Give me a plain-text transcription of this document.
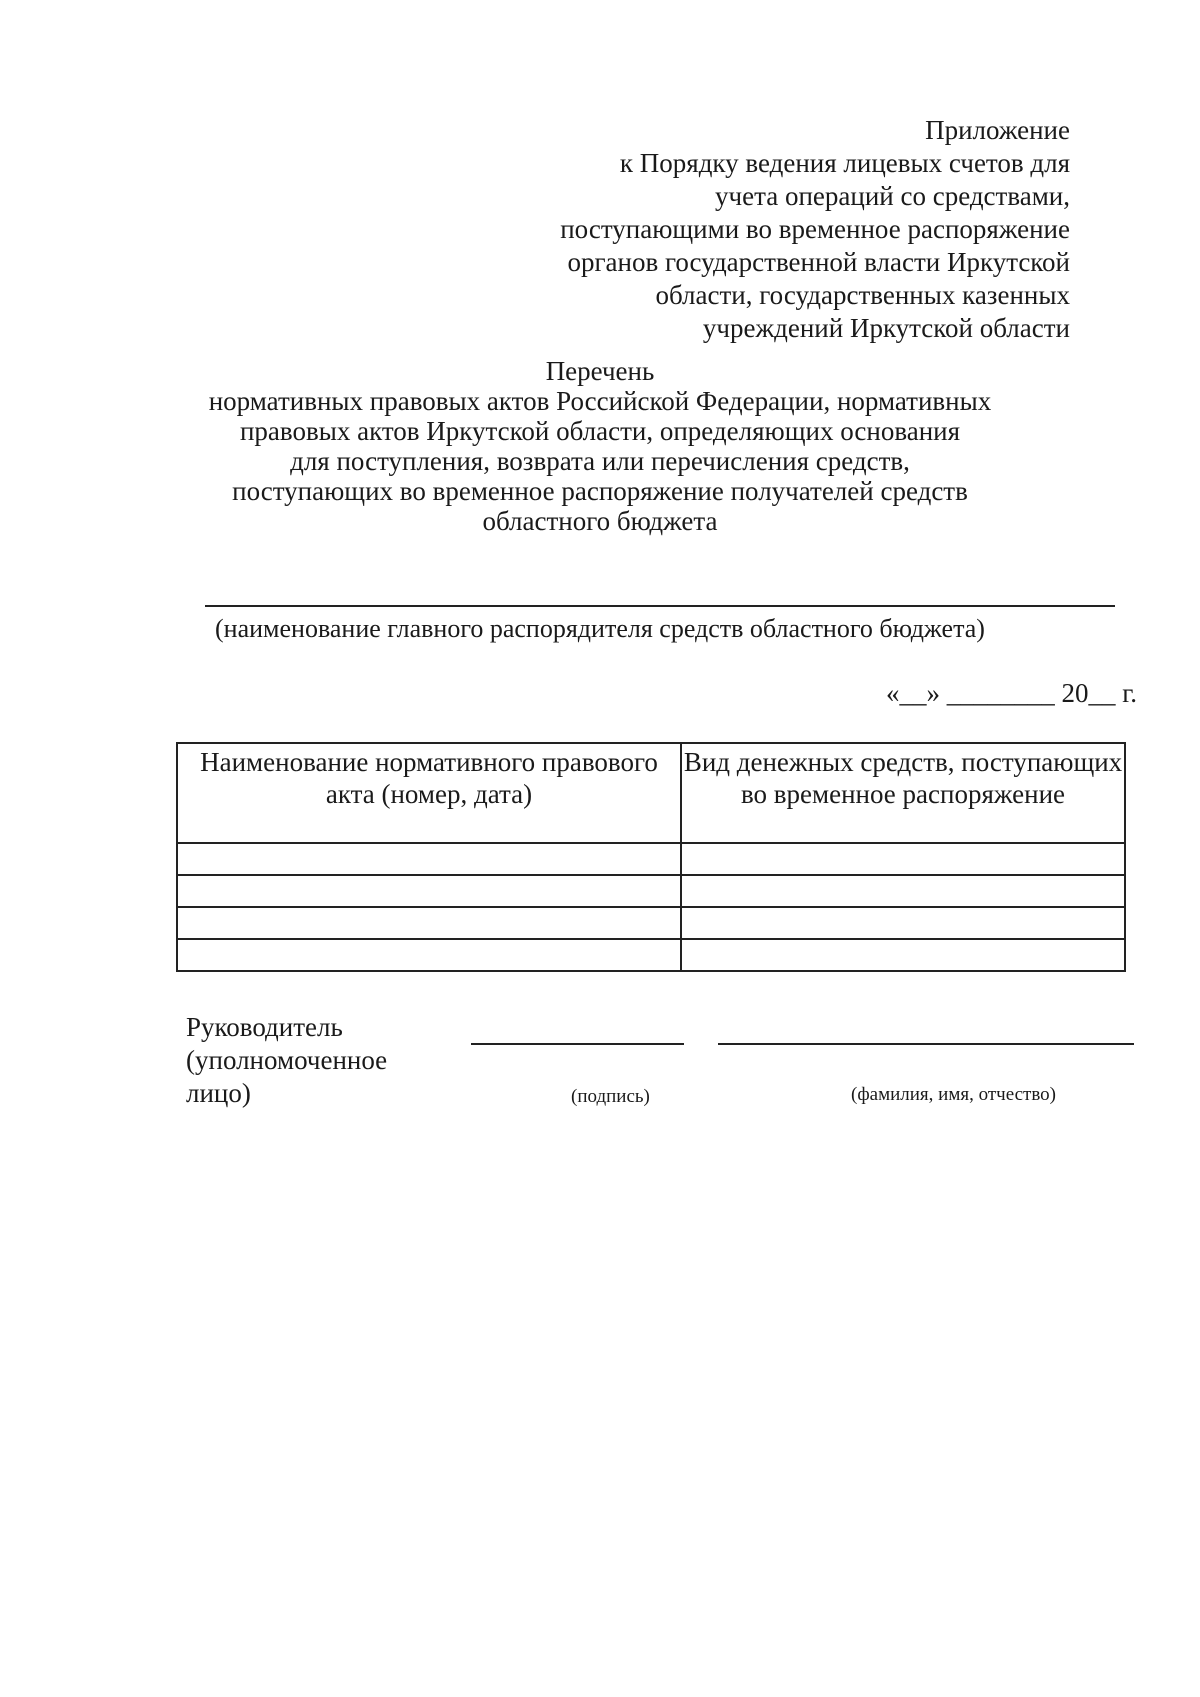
Приложение
к Порядку ведения лицевых счетов для
учета операций со средствами,
поступающими во временное распоряжение
органов государственной власти Иркутской
области, государственных казенных
учреждений Иркутской области
Перечень
нормативных правовых актов Российской Федерации, нормативных
правовых актов Иркутской области, определяющих основания
для поступления, возврата или перечисления средств,
поступающих во временное распоряжение получателей средств
областного бюджета
(наименование главного распорядителя средств областного бюджета)
«__» ________ 20__ г.
Наименование нормативного правового акта (номер, дата)	Вид денежных средств, поступающих во временное распоряжение

Руководитель
(уполномоченное
лицо)	(подпись)	(фамилия, имя, отчество)
